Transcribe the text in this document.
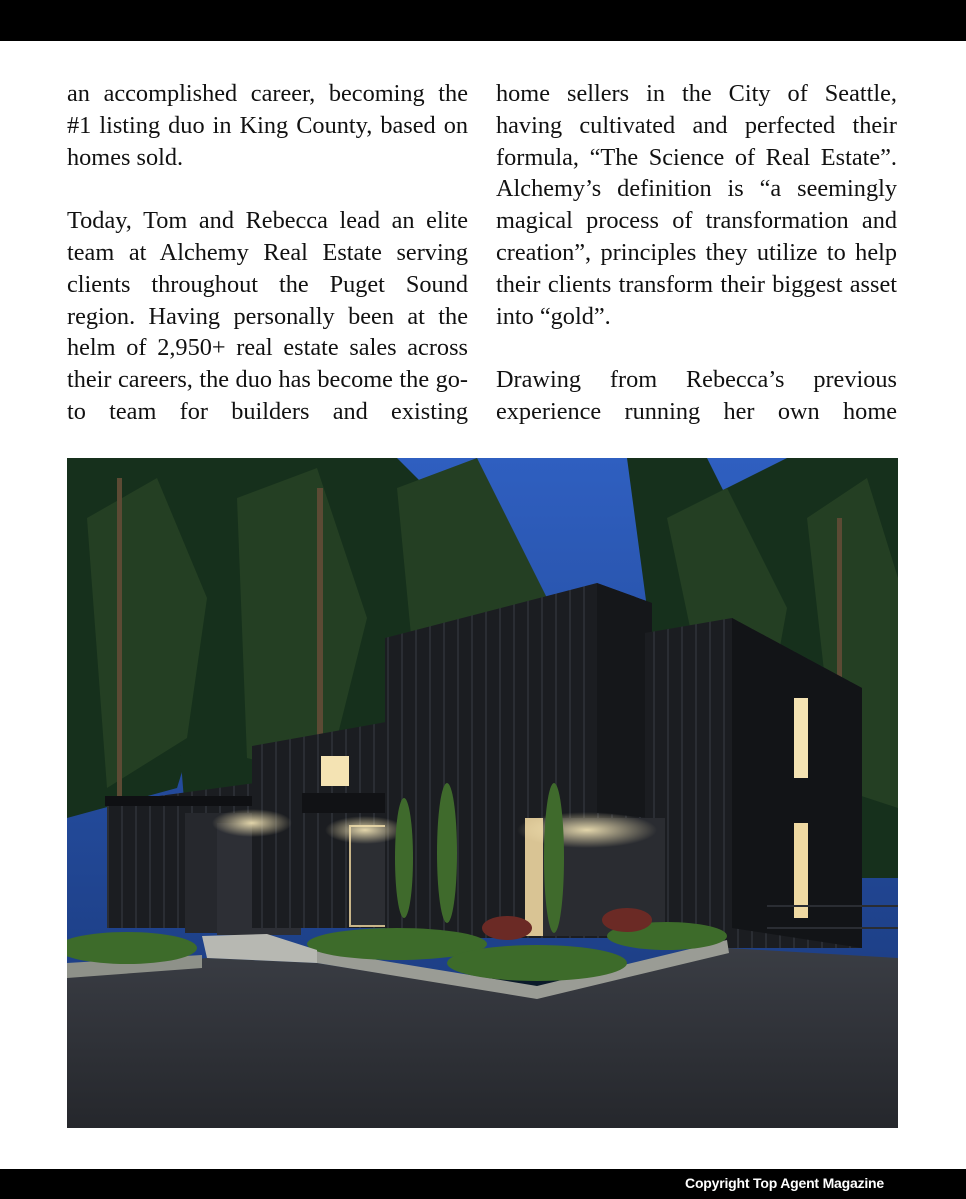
an accomplished career, becoming the #1 listing duo in King County, based on homes sold.

Today, Tom and Rebecca lead an elite team at Alchemy Real Estate serving clients throughout the Puget Sound region. Having personally been at the helm of 2,950+ real estate sales across their careers, the duo has become the go-to team for builders and existing

home sellers in the City of Seattle, having cultivated and perfected their formula, “The Science of Real Estate”. Alchemy’s definition is “a seemingly magical process of transformation and creation”, principles they utilize to help their clients transform their biggest asset into “gold”.

Drawing from Rebecca’s previous experience running her own home

Copyright Top Agent Magazine
